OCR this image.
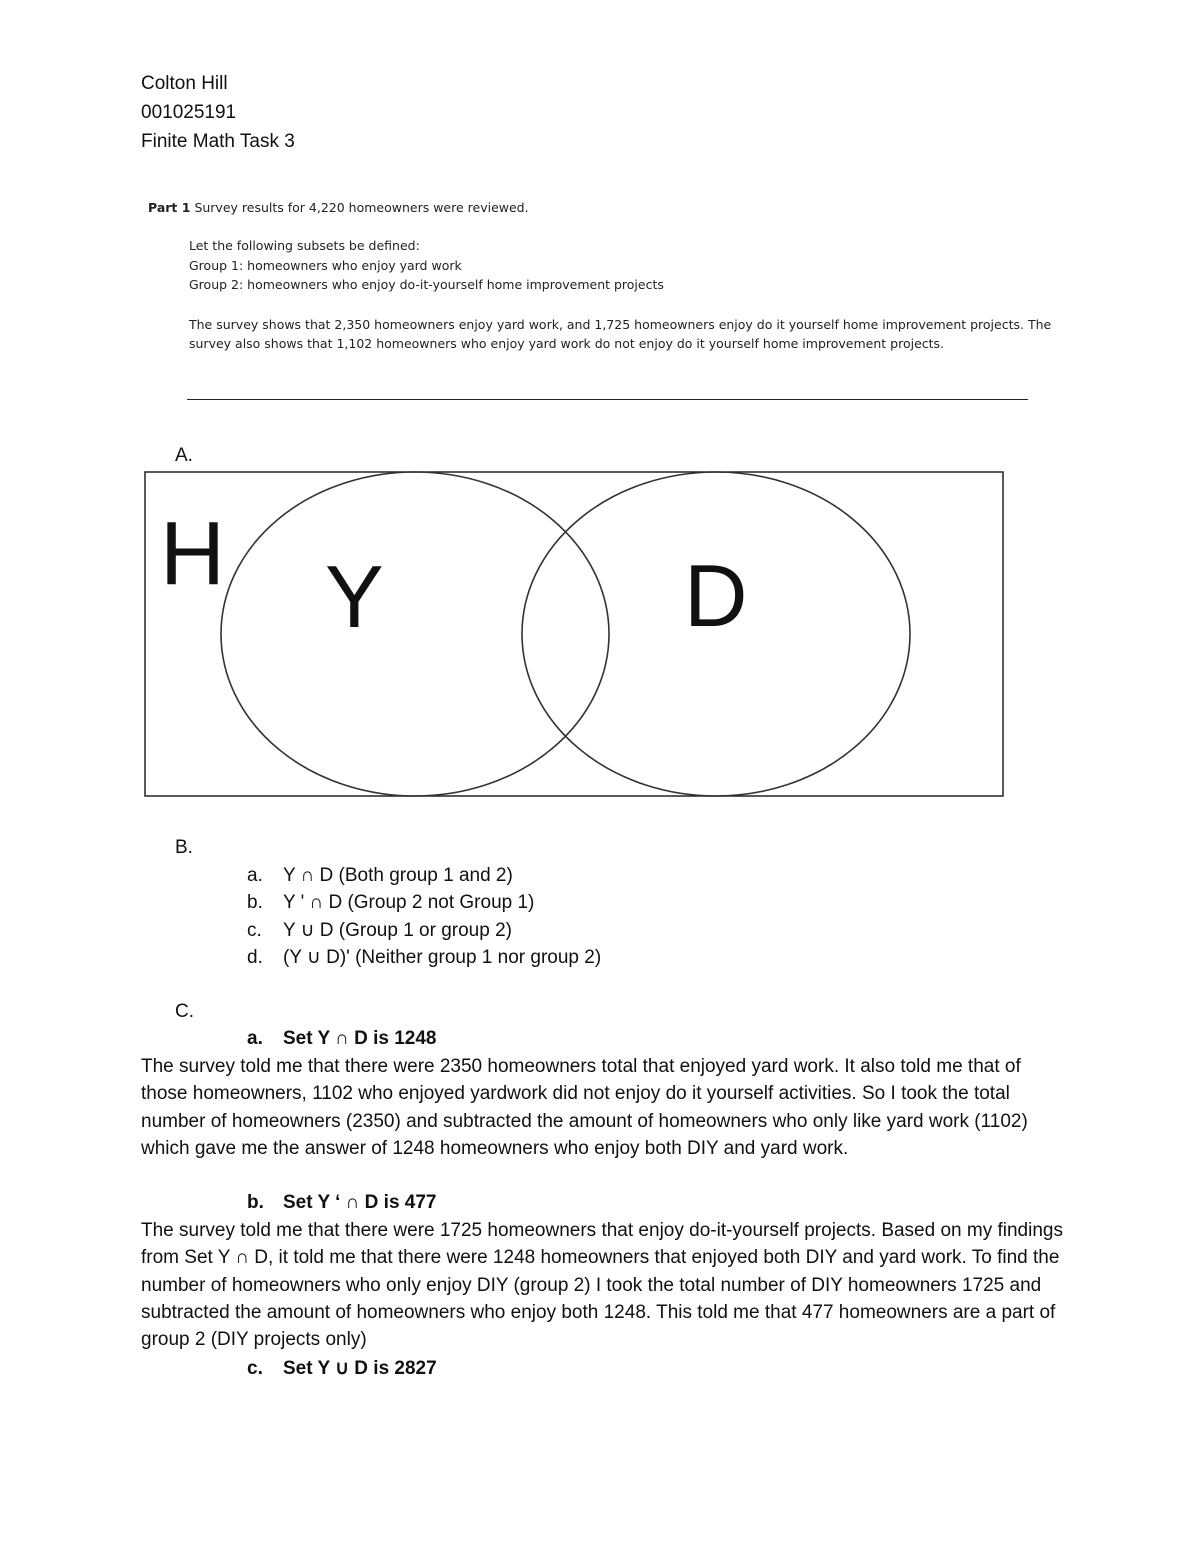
Colton Hill
001025191
Finite Math Task 3
Part 1 Survey results for 4,220 homeowners were reviewed.
Let the following subsets be defined:
Group 1: homeowners who enjoy yard work
Group 2: homeowners who enjoy do-it-yourself home improvement projects
The survey shows that 2,350 homeowners enjoy yard work, and 1,725 homeowners enjoy do it yourself home improvement projects. The
survey also shows that 1,102 homeowners who enjoy yard work do not enjoy do it yourself home improvement projects.
A.
H Y	D
B.
a. Y ∩ D (Both group 1 and 2)
b. Y ' ∩ D (Group 2 not Group 1)
c. Y ∪ D (Group 1 or group 2)
d. (Y ∪ D)' (Neither group 1 nor group 2)
C.
a. Set Y ∩ D is 1248
The survey told me that there were 2350 homeowners total that enjoyed yard work. It also told me that of those homeowners, 1102 who enjoyed yardwork did not enjoy do it yourself activities. So I took the total number of homeowners (2350) and subtracted the amount of homeowners who only like yard work (1102) which gave me the answer of 1248 homeowners who enjoy both DIY and yard work.
b. Set Y ‘ ∩ D is 477
The survey told me that there were 1725 homeowners that enjoy do-it-yourself projects. Based on my findings from Set Y ∩ D, it told me that there were 1248 homeowners that enjoyed both DIY and yard work. To find the number of homeowners who only enjoy DIY (group 2) I took the total number of DIY homeowners 1725 and subtracted the amount of homeowners who enjoy both 1248. This told me that 477 homeowners are a part of group 2 (DIY projects only)
c. Set Y ∪ D is 2827
